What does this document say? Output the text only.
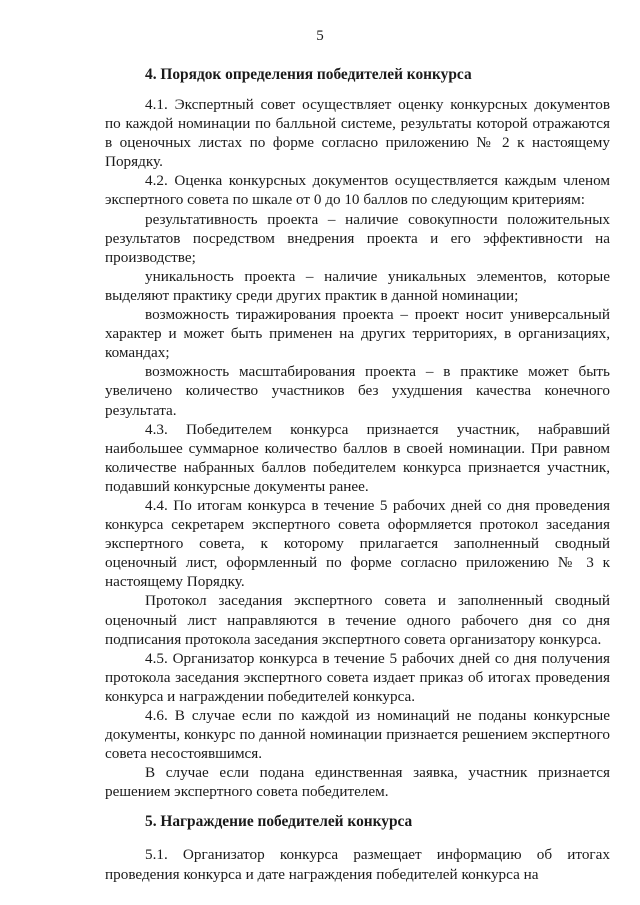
5
4. Порядок определения победителей конкурса

4.1. Экспертный совет осуществляет оценку конкурсных документов по каждой номинации по балльной системе, результаты которой отражаются в оценочных листах по форме согласно приложению № 2 к настоящему Порядку.

4.2. Оценка конкурсных документов осуществляется каждым членом экспертного совета по шкале от 0 до 10 баллов по следующим критериям:

результативность проекта – наличие совокупности положительных результатов посредством внедрения проекта и его эффективности на производстве;

уникальность проекта – наличие уникальных элементов, которые выделяют практику среди других практик в данной номинации;

возможность тиражирования проекта – проект носит универсальный характер и может быть применен на других территориях, в организациях, командах;

возможность масштабирования проекта – в практике может быть увеличено количество участников без ухудшения качества конечного результата.

4.3. Победителем конкурса признается участник, набравший наибольшее суммарное количество баллов в своей номинации. При равном количестве набранных баллов победителем конкурса признается участник, подавший конкурсные документы ранее.

4.4. По итогам конкурса в течение 5 рабочих дней со дня проведения конкурса секретарем экспертного совета оформляется протокол заседания экспертного совета, к которому прилагается заполненный сводный оценочный лист, оформленный по форме согласно приложению № 3 к настоящему Порядку.

Протокол заседания экспертного совета и заполненный сводный оценочный лист направляются в течение одного рабочего дня со дня подписания протокола заседания экспертного совета организатору конкурса.

4.5. Организатор конкурса в течение 5 рабочих дней со дня получения протокола заседания экспертного совета издает приказ об итогах проведения конкурса и награждении победителей конкурса.

4.6. В случае если по каждой из номинаций не поданы конкурсные документы, конкурс по данной номинации признается решением экспертного совета несостоявшимся.

В случае если подана единственная заявка, участник признается решением экспертного совета победителем.

5. Награждение победителей конкурса

5.1. Организатор конкурса размещает информацию об итогах проведения конкурса и дате награждения победителей конкурса на
